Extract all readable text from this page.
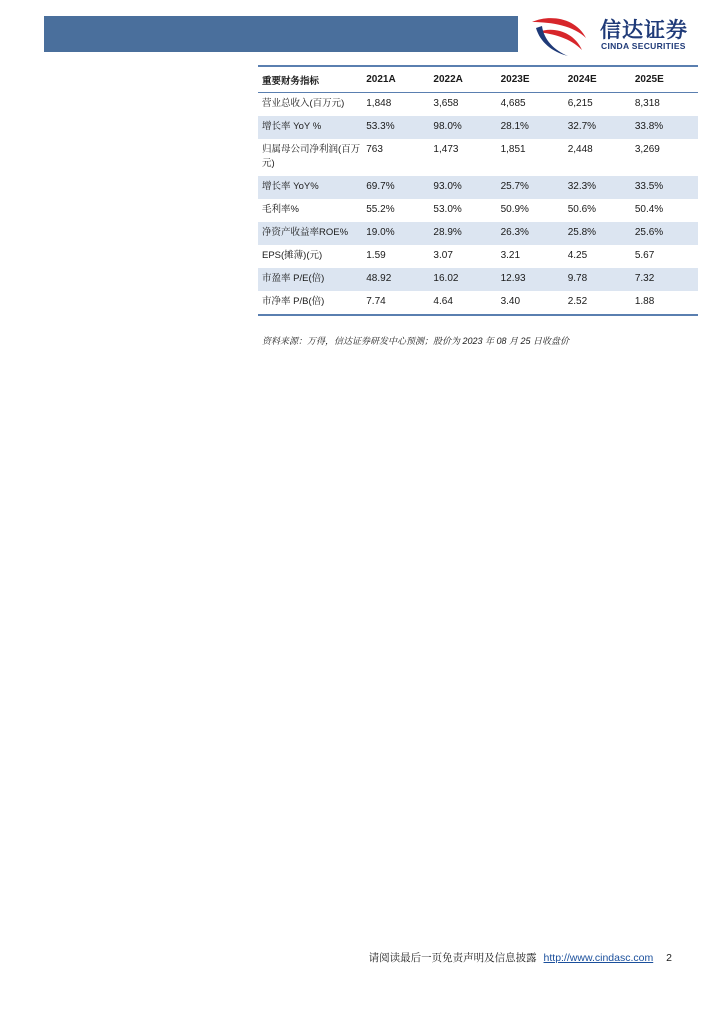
信达证券
CINDA SECURITIES
重要财务指标	2021A	2022A	2023E	2024E	2025E
营业总收入(百万元)	1,848	3,658	4,685	6,215	8,318
增长率 YoY %	53.3%	98.0%	28.1%	32.7%	33.8%
归属母公司净利润(百万元)	763	1,473	1,851	2,448	3,269
增长率 YoY%	69.7%	93.0%	25.7%	32.3%	33.5%
毛利率%	55.2%	53.0%	50.9%	50.6%	50.4%
净资产收益率ROE%	19.0%	28.9%	26.3%	25.8%	25.6%
EPS(摊薄)(元)	1.59	3.07	3.21	4.25	5.67
市盈率 P/E(倍)	48.92	16.02	12.93	9.78	7.32
市净率 P/B(倍)	7.74	4.64	3.40	2.52	1.88
资料来源：万得，信达证券研发中心预测；股价为 2023 年 08 月 25 日收盘价
请阅读最后一页免责声明及信息披露 http://www.cindasc.com 2
